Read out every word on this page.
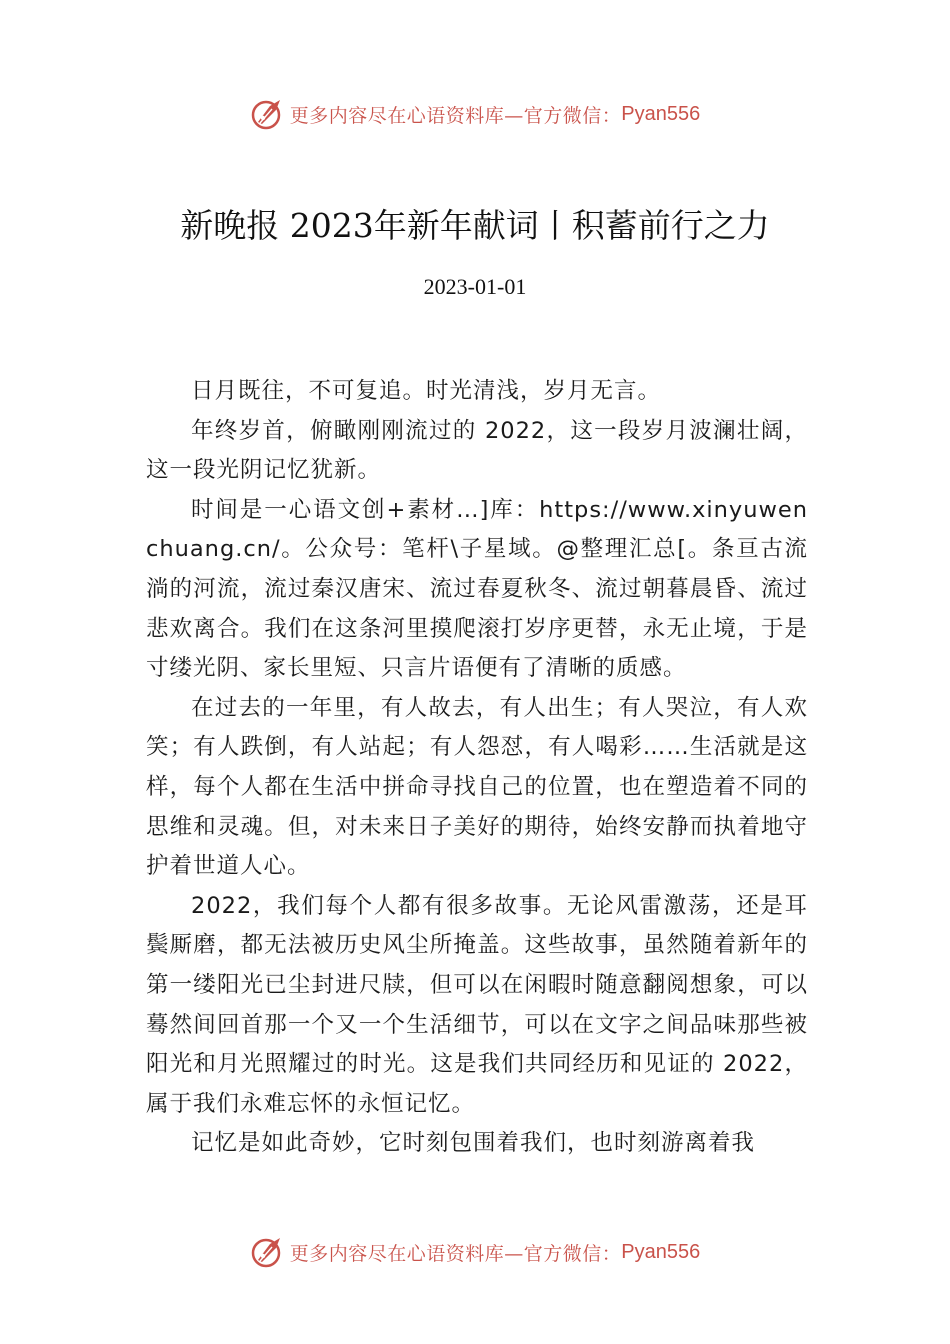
更多内容尽在心语资料库—官方微信： Pyan556
新晚报 2023年新年献词丨积蓄前行之力
2023-01-01

日月既往，不可复追。时光清浅，岁月无言。

年终岁首，俯瞰刚刚流过的 2022，这一段岁月波澜壮阔，这一段光阴记忆犹新。

时间是一心语文创+素材…]库：https://www.xinyuwenchuang.cn/。公众号：笔杆\子星域。@整理汇总[。条亘古流淌的河流，流过秦汉唐宋、流过春夏秋冬、流过朝暮晨昏、流过悲欢离合。我们在这条河里摸爬滚打岁序更替，永无止境，于是寸缕光阴、家长里短、只言片语便有了清晰的质感。

在过去的一年里，有人故去，有人出生；有人哭泣，有人欢笑；有人跌倒，有人站起；有人怨怼，有人喝彩……生活就是这样，每个人都在生活中拼命寻找自己的位置，也在塑造着不同的思维和灵魂。但，对未来日子美好的期待，始终安静而执着地守护着世道人心。

2022，我们每个人都有很多故事。无论风雷激荡，还是耳鬓厮磨，都无法被历史风尘所掩盖。这些故事，虽然随着新年的第一缕阳光已尘封进尺牍，但可以在闲暇时随意翻阅想象，可以蓦然间回首那一个又一个生活细节，可以在文字之间品味那些被阳光和月光照耀过的时光。这是我们共同经历和见证的 2022，属于我们永难忘怀的永恒记忆。

记忆是如此奇妙，它时刻包围着我们，也时刻游离着我

更多内容尽在心语资料库—官方微信： Pyan556
